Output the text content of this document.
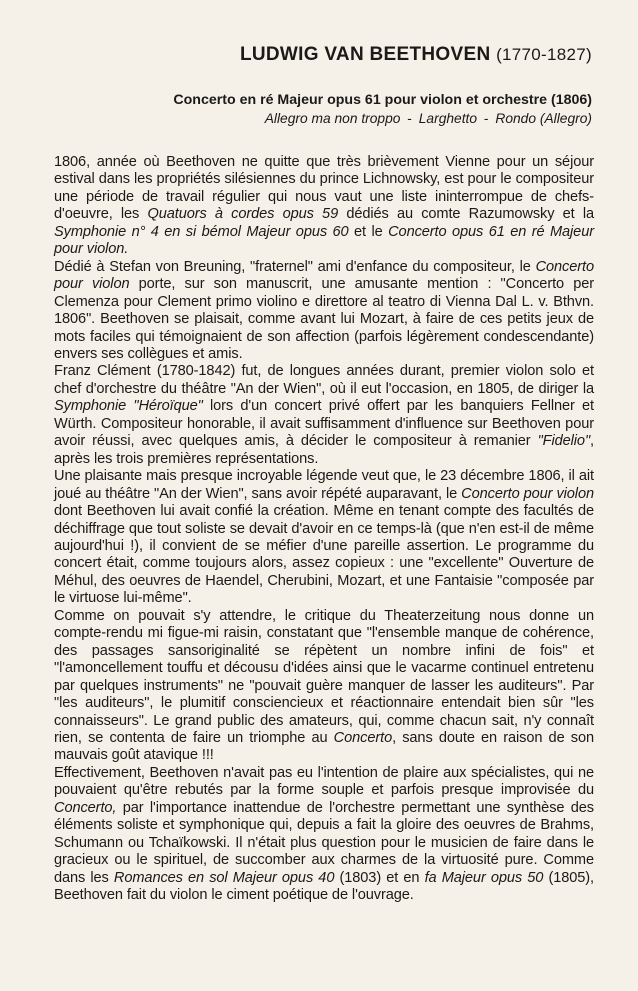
LUDWIG VAN BEETHOVEN (1770-1827)
Concerto en ré Majeur opus 61 pour violon et orchestre (1806)
Allegro ma non troppo - Larghetto - Rondo (Allegro)

1806, année où Beethoven ne quitte que très brièvement Vienne pour un séjour estival dans les propriétés silésiennes du prince Lichnowsky, est pour le compositeur une période de travail régulier qui nous vaut une liste ininterrompue de chefs-d'oeuvre, les Quatuors à cordes opus 59 dédiés au comte Razumowsky et la Symphonie n° 4 en si bémol Majeur opus 60 et le Concerto opus 61 en ré Majeur pour violon.

Dédié à Stefan von Breuning, "fraternel" ami d'enfance du compositeur, le Concerto pour violon porte, sur son manuscrit, une amusante mention : "Concerto per Clemenza pour Clement primo violino e direttore al teatro di Vienna Dal L. v. Bthvn. 1806". Beethoven se plaisait, comme avant lui Mozart, à faire de ces petits jeux de mots faciles qui témoignaient de son affection (parfois légèrement condescendante) envers ses collègues et amis.

Franz Clément (1780-1842) fut, de longues années durant, premier violon solo et chef d'orchestre du théâtre "An der Wien", où il eut l'occasion, en 1805, de diriger la Symphonie "Héroïque" lors d'un concert privé offert par les banquiers Fellner et Würth. Compositeur honorable, il avait suffisamment d'influence sur Beethoven pour avoir réussi, avec quelques amis, à décider le compositeur à remanier "Fidelio", après les trois premières représentations.

Une plaisante mais presque incroyable légende veut que, le 23 décembre 1806, il ait joué au théâtre "An der Wien", sans avoir répété auparavant, le Concerto pour violon dont Beethoven lui avait confié la création. Même en tenant compte des facultés de déchiffrage que tout soliste se devait d'avoir en ce temps-là (que n'en est-il de même aujourd'hui !), il convient de se méfier d'une pareille assertion. Le programme du concert était, comme toujours alors, assez copieux : une "excellente" Ouverture de Méhul, des oeuvres de Haendel, Cherubini, Mozart, et une Fantaisie "composée par le virtuose lui-même".

Comme on pouvait s'y attendre, le critique du Theaterzeitung nous donne un compte-rendu mi figue-mi raisin, constatant que "l'ensemble manque de cohérence, des passages sansoriginalité se répètent un nombre infini de fois" et "l'amoncellement touffu et décousu d'idées ainsi que le vacarme continuel entretenu par quelques instruments" ne "pouvait guère manquer de lasser les auditeurs". Par "les auditeurs", le plumitif consciencieux et réactionnaire entendait bien sûr "les connaisseurs". Le grand public des amateurs, qui, comme chacun sait, n'y connaît rien, se contenta de faire un triomphe au Concerto, sans doute en raison de son mauvais goût atavique !!!

Effectivement, Beethoven n'avait pas eu l'intention de plaire aux spécialistes, qui ne pouvaient qu'être rebutés par la forme souple et parfois presque improvisée du Concerto, par l'importance inattendue de l'orchestre permettant une synthèse des éléments soliste et symphonique qui, depuis a fait la gloire des oeuvres de Brahms, Schumann ou Tchaïkowski. Il n'était plus question pour le musicien de faire dans le gracieux ou le spirituel, de succomber aux charmes de la virtuosité pure. Comme dans les Romances en sol Majeur opus 40 (1803) et en fa Majeur opus 50 (1805), Beethoven fait du violon le ciment poétique de l'ouvrage.
